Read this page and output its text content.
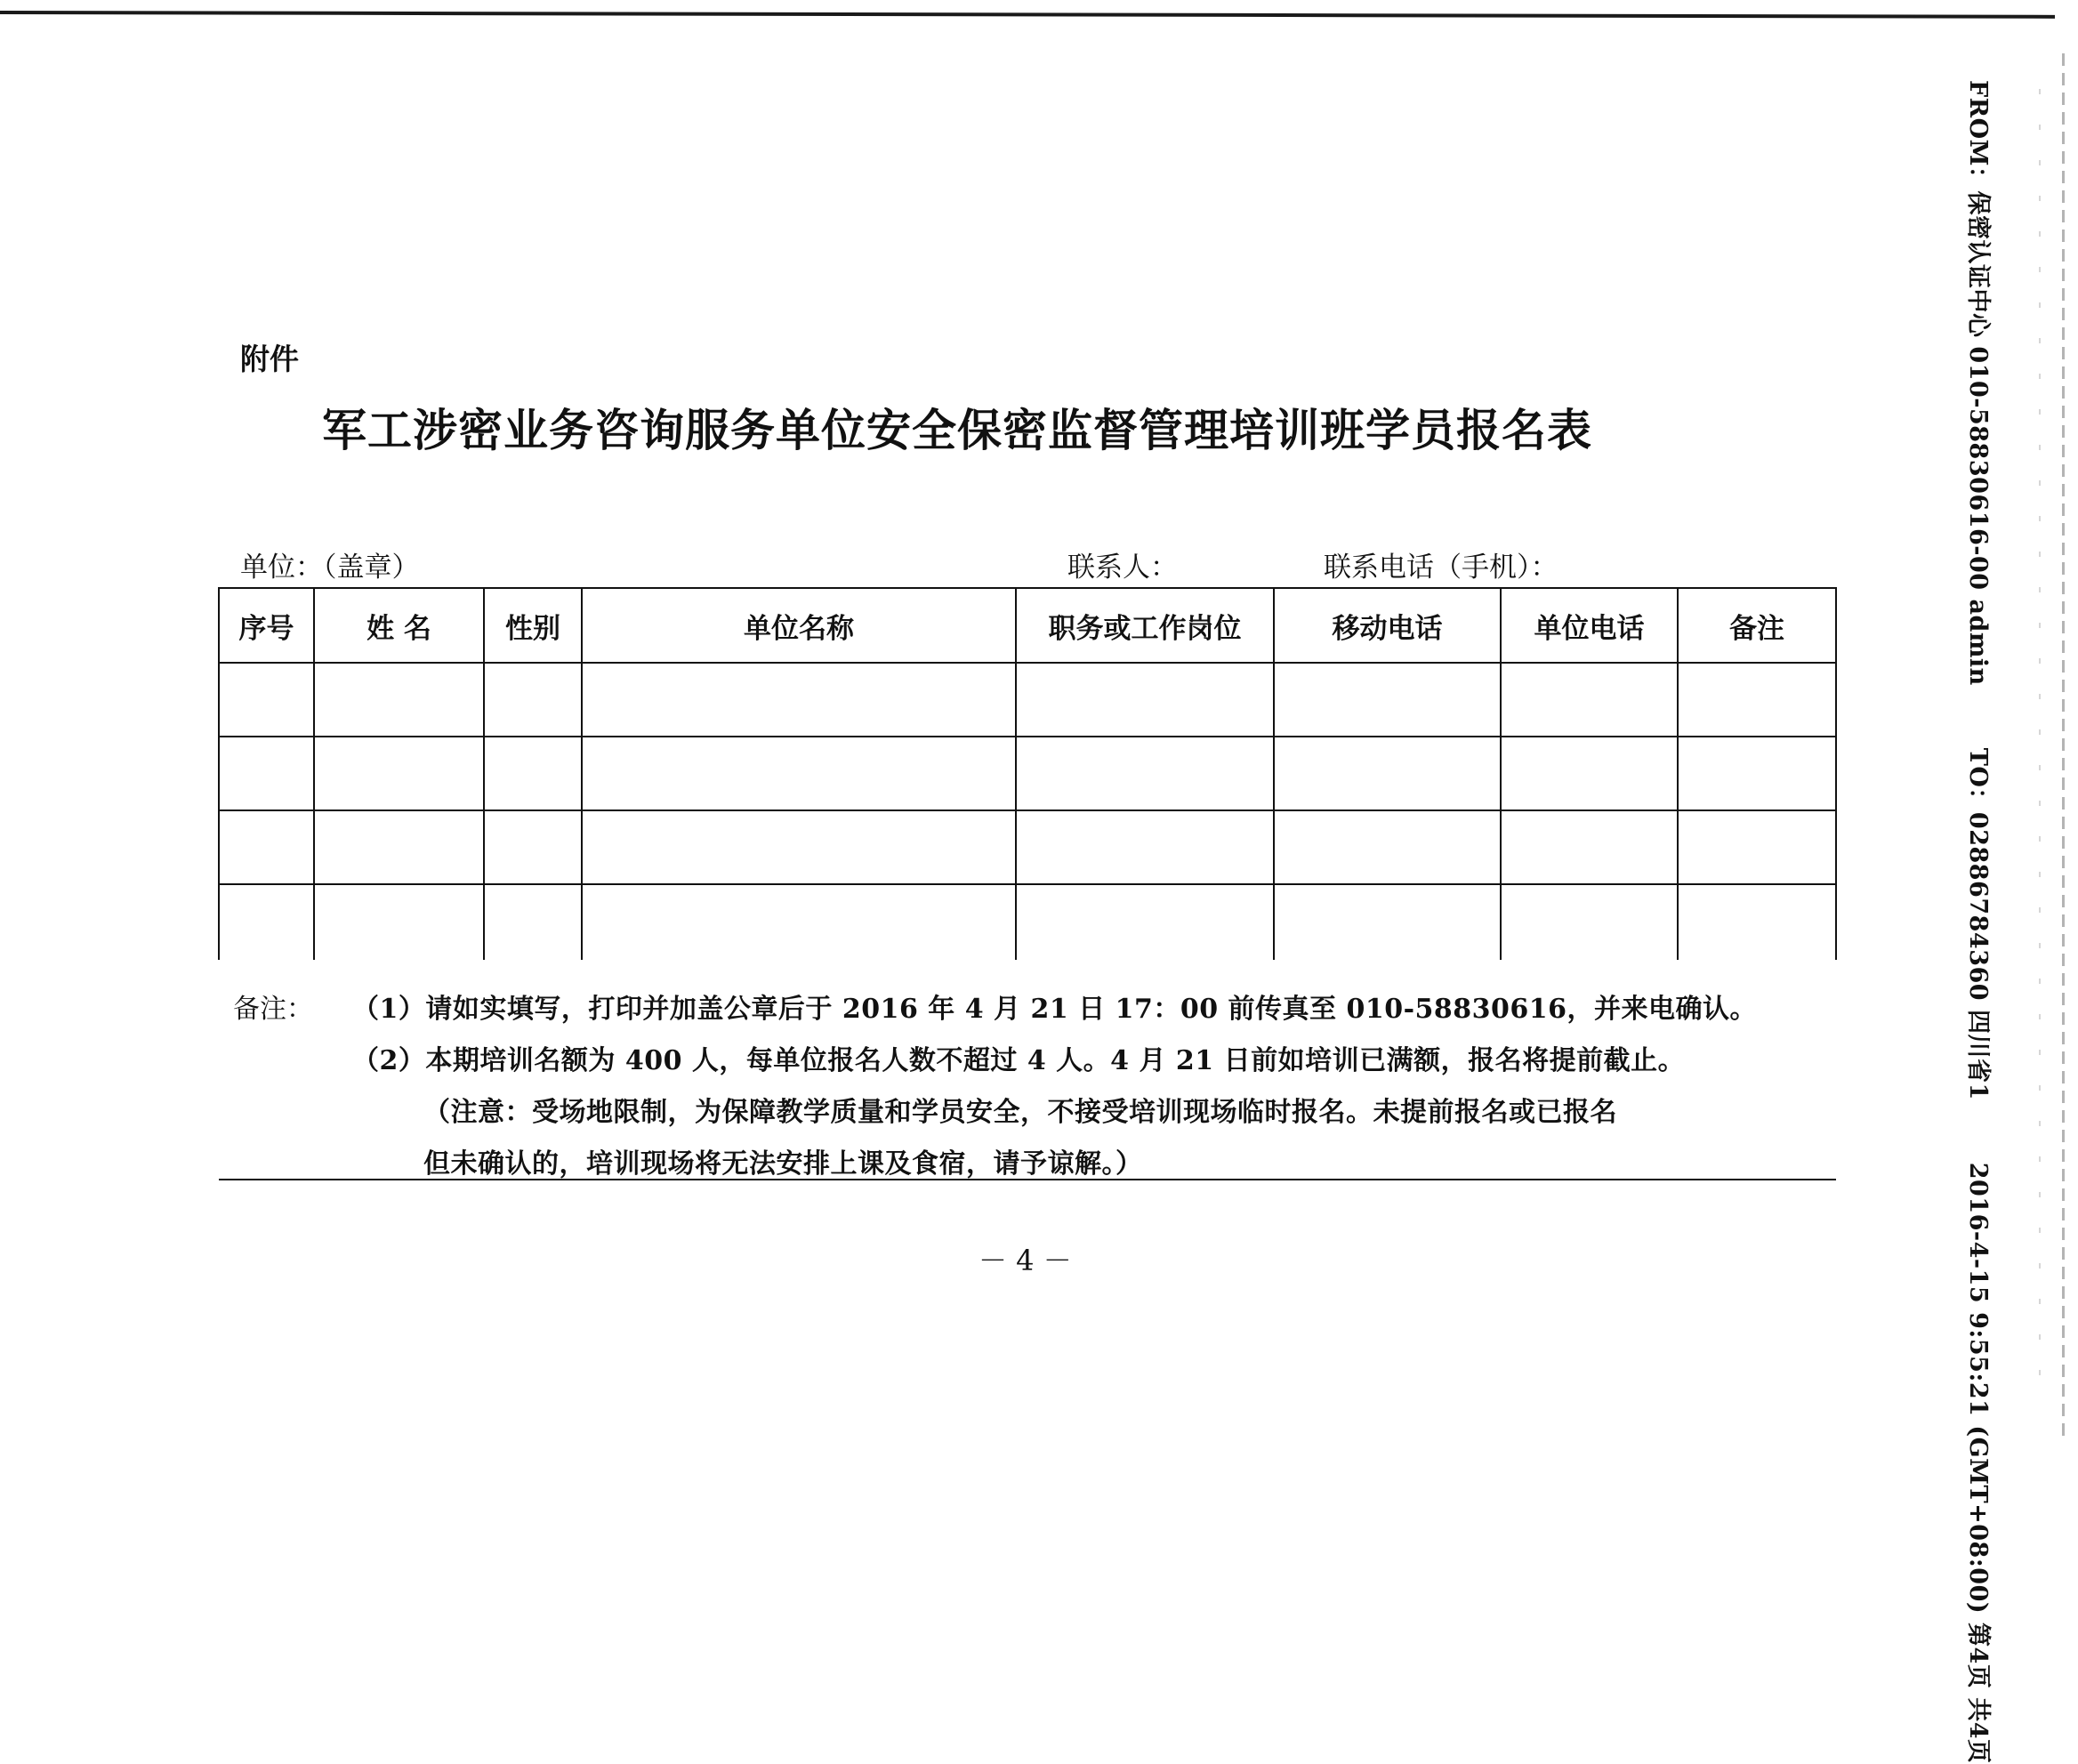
附件
军工涉密业务咨询服务单位安全保密监督管理培训班学员报名表
单位：（盖章）	联系人：	联系电话（手机）：
序号	姓 名	性别	单位名称	职务或工作岗位	移动电话	单位电话	备注

备注： （1）请如实填写，打印并加盖公章后于 2016 年 4 月 21 日 17：00 前传真至 010-58830616，并来电确认。
（2）本期培训名额为 400 人，每单位报名人数不超过 4 人。4 月 21 日前如培训已满额，报名将提前截止。
（注意：受场地限制，为保障教学质量和学员安全，不接受培训现场临时报名。未提前报名或已报名
但未确认的，培训现场将无法安排上课及食宿，请予谅解。）							
－ 4 －
FROM：保密认证中心 010-58830616-00 adminTO：02886784360 四川省12016-4-15 9:55:21 (GMT+08:00) 第4页 共4页
